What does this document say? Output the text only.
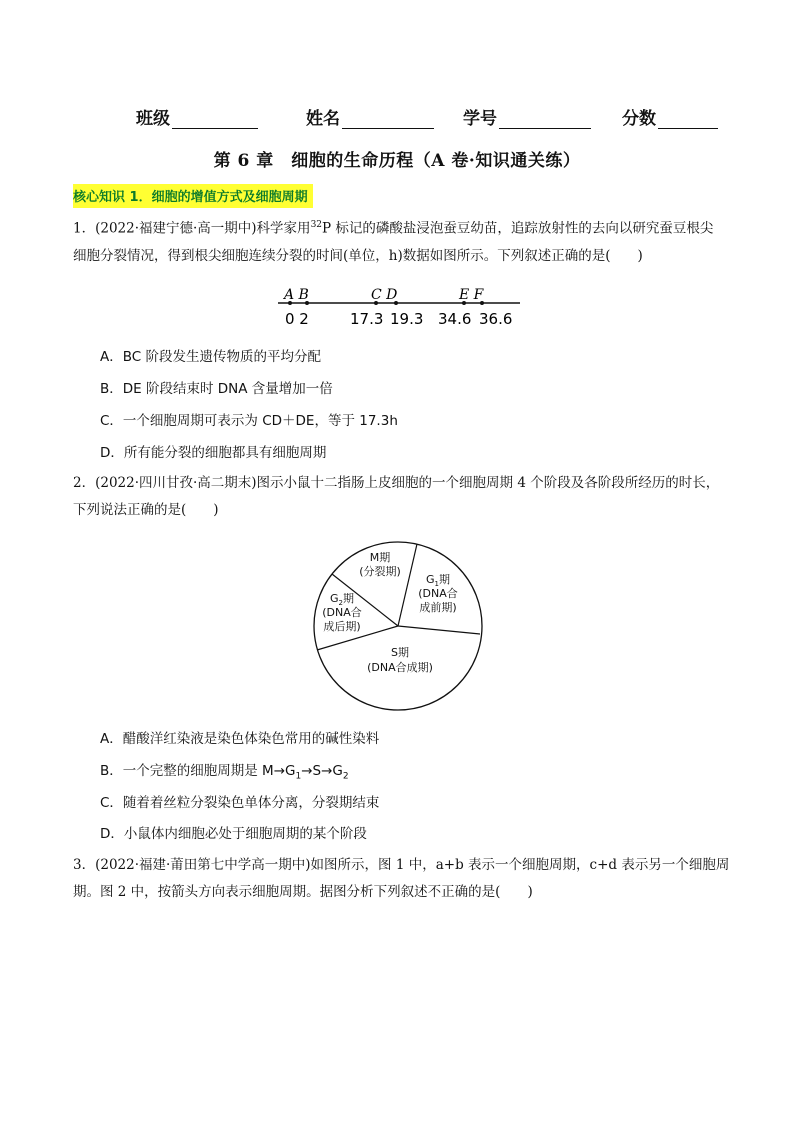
班级	姓名	学号	分数
第 6 章　细胞的生命历程（A 卷·知识通关练）
核心知识 1．细胞的增值方式及细胞周期
1．(2022·福建宁德·高一期中)科学家用$^{32}$P 标记的磷酸盐浸泡蚕豆幼苗，追踪放射性的去向以研究蚕豆根尖
细胞分裂情况，得到根尖细胞连续分裂的时间(单位，h)数据如图所示。下列叙述正确的是(　　)
A B	C D	E F
0 2	17.3 19.3 34.6 36.6
A．BC 阶段发生遗传物质的平均分配
B．DE 阶段结束时 DNA 含量增加一倍
C．一个细胞周期可表示为 CD＋DE，等于 17.3h
D．所有能分裂的细胞都具有细胞周期
2．(2022·四川甘孜·高二期末)图示小鼠十二指肠上皮细胞的一个细胞周期 4 个阶段及各阶段所经历的时长，
下列说法正确的是(　　)
M期
(分裂期)
$G_1$期
(DNA合
成前期)
$G_2$期
(DNA合
成后期)
S期
(DNA合成期)
A．醋酸洋红染液是染色体染色常用的碱性染料
B．一个完整的细胞周期是 $M\to G_1\to S\to G_2$
C．随着着丝粒分裂染色单体分离，分裂期结束
D．小鼠体内细胞必处于细胞周期的某个阶段
3．(2022·福建·莆田第七中学高一期中)如图所示，图 1 中，a+b 表示一个细胞周期，c+d 表示另一个细胞周
期。图 2 中，按箭头方向表示细胞周期。据图分析下列叙述不正确的是(　　)
